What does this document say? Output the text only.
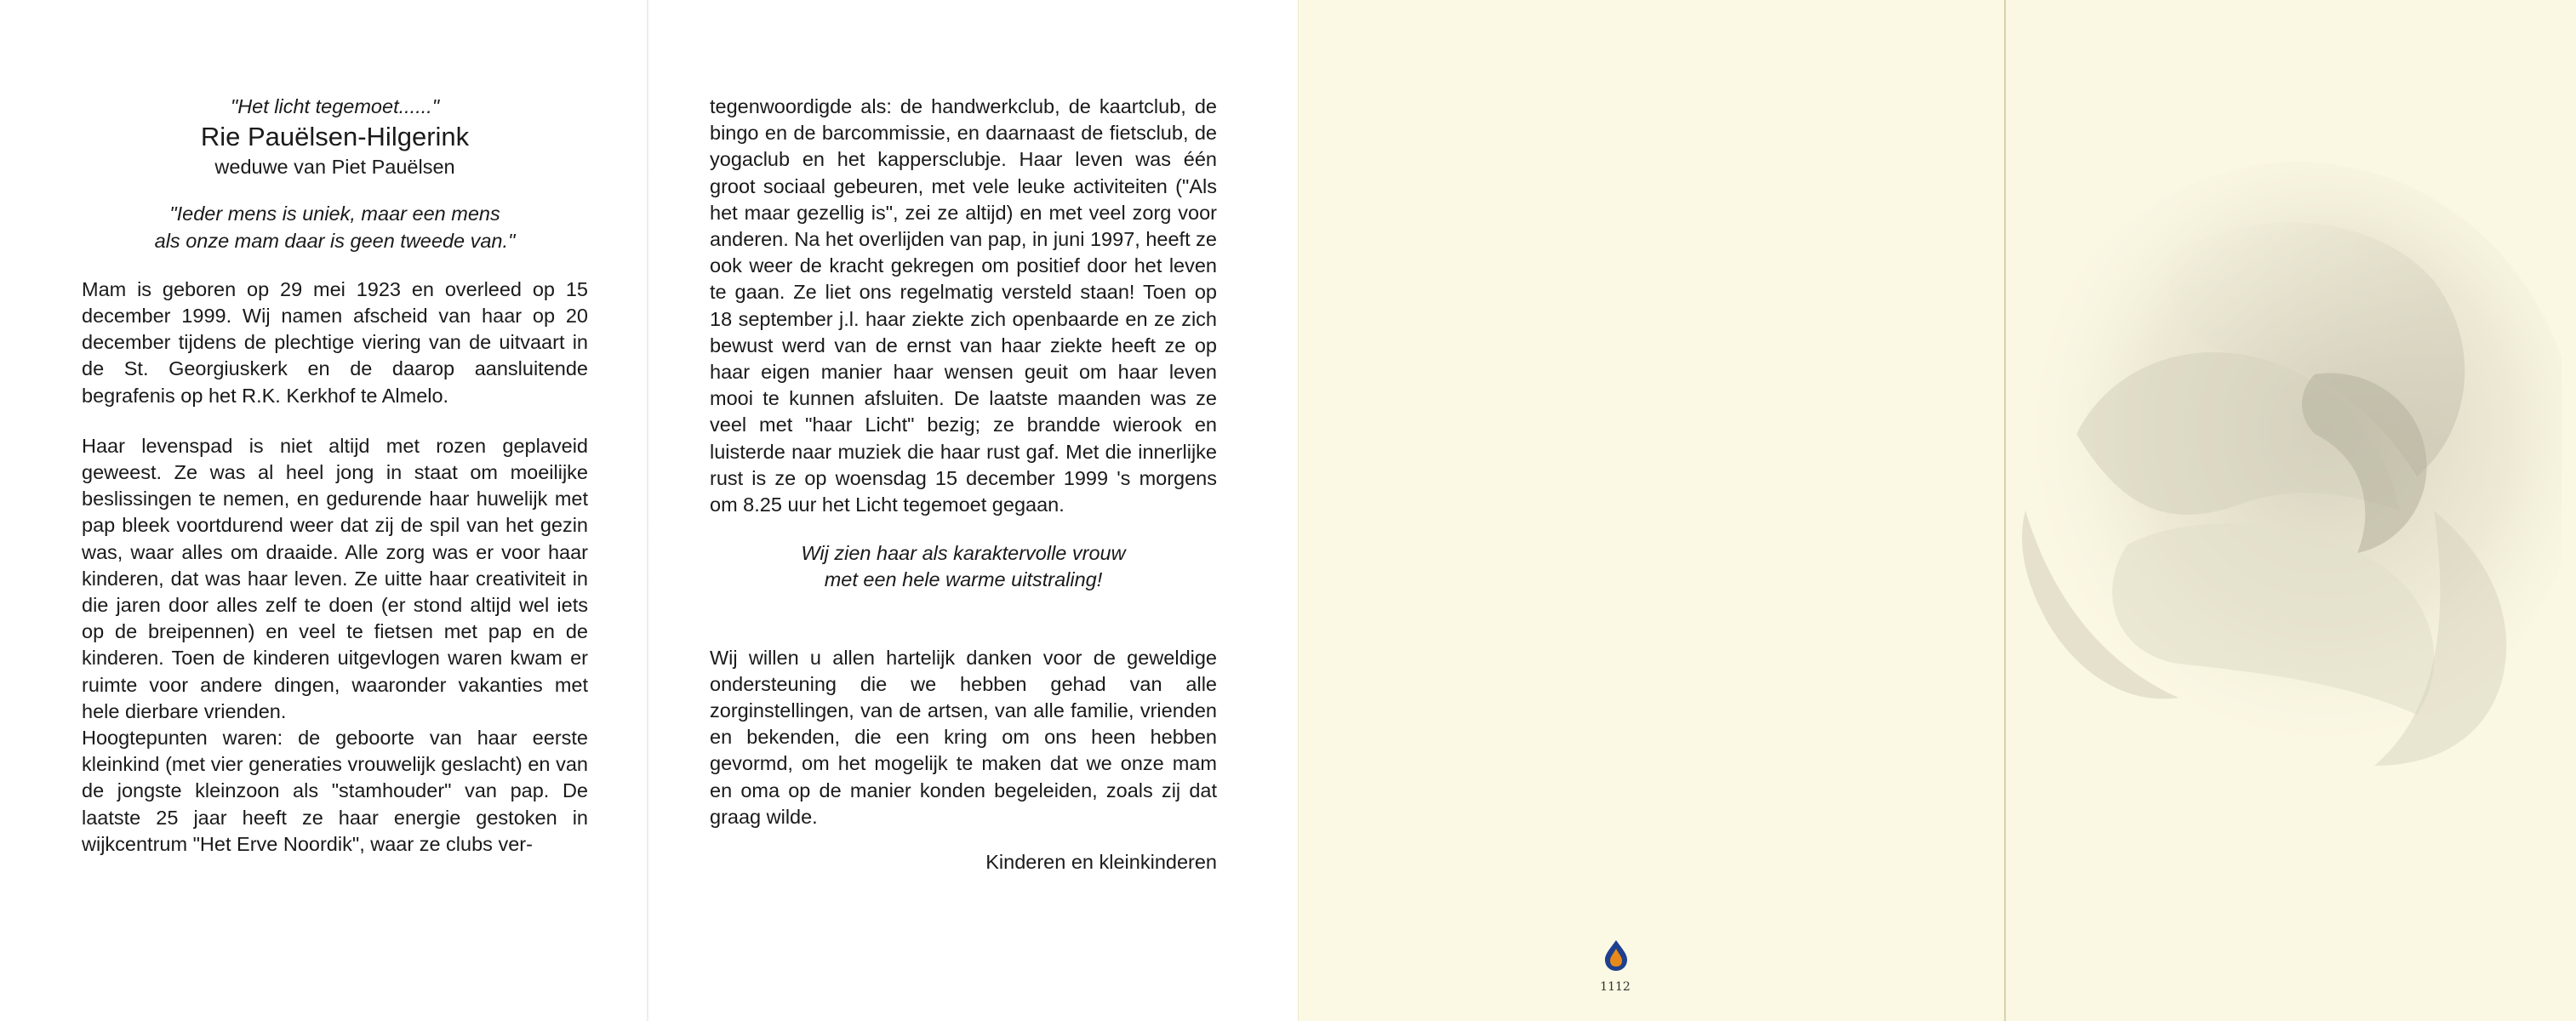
"Het licht tegemoet......"

Rie Pauëlsen-Hilgerink

weduwe van Piet Pauëlsen

"Ieder mens is uniek, maar een mens

als onze mam daar is geen tweede van."

Mam is geboren op 29 mei 1923 en overleed op 15 december 1999. Wij namen afscheid van haar op 20 december tijdens de plechtige viering van de uitvaart in de St. Georgiuskerk en de daarop aansluitende begrafenis op het R.K. Kerkhof te Almelo.

Haar levenspad is niet altijd met rozen geplaveid geweest. Ze was al heel jong in staat om moeilijke beslissingen te nemen, en gedurende haar huwelijk met pap bleek voortdurend weer dat zij de spil van het gezin was, waar alles om draaide. Alle zorg was er voor haar kinderen, dat was haar leven. Ze uitte haar creativiteit in die jaren door alles zelf te doen (er stond altijd wel iets op de breipennen) en veel te fietsen met pap en de kinderen. Toen de kinderen uitgevlogen waren kwam er ruimte voor andere dingen, waaronder vakanties met hele dierbare vrienden.

Hoogtepunten waren: de geboorte van haar eerste kleinkind (met vier generaties vrouwelijk geslacht) en van de jongste kleinzoon als "stamhouder" van pap. De laatste 25 jaar heeft ze haar energie gestoken in wijkcentrum "Het Erve Noordik", waar ze clubs ver-

tegenwoordigde als: de handwerkclub, de kaartclub, de bingo en de barcommissie, en daarnaast de fietsclub, de yogaclub en het kappersclubje. Haar leven was één groot sociaal gebeuren, met vele leuke activiteiten ("Als het maar gezellig is", zei ze altijd) en met veel zorg voor anderen. Na het overlijden van pap, in juni 1997, heeft ze ook weer de kracht gekregen om positief door het leven te gaan. Ze liet ons regelmatig versteld staan! Toen op 18 september j.l. haar ziekte zich openbaarde en ze zich bewust werd van de ernst van haar ziekte heeft ze op haar eigen manier haar wensen geuit om haar leven mooi te kunnen afsluiten. De laatste maanden was ze veel met "haar Licht" bezig; ze brandde wierook en luisterde naar muziek die haar rust gaf. Met die innerlijke rust is ze op woensdag 15 december 1999 's morgens om 8.25 uur het Licht tegemoet gegaan.

Wij zien haar als karaktervolle vrouw

met een hele warme uitstraling!

Wij willen u allen hartelijk danken voor de geweldige ondersteuning die we hebben gehad van alle zorginstellingen, van de artsen, van alle familie, vrienden en bekenden, die een kring om ons heen hebben gevormd, om het mogelijk te maken dat we onze mam en oma op de manier konden begeleiden, zoals zij dat graag wilde.

Kinderen en kleinkinderen

1112
